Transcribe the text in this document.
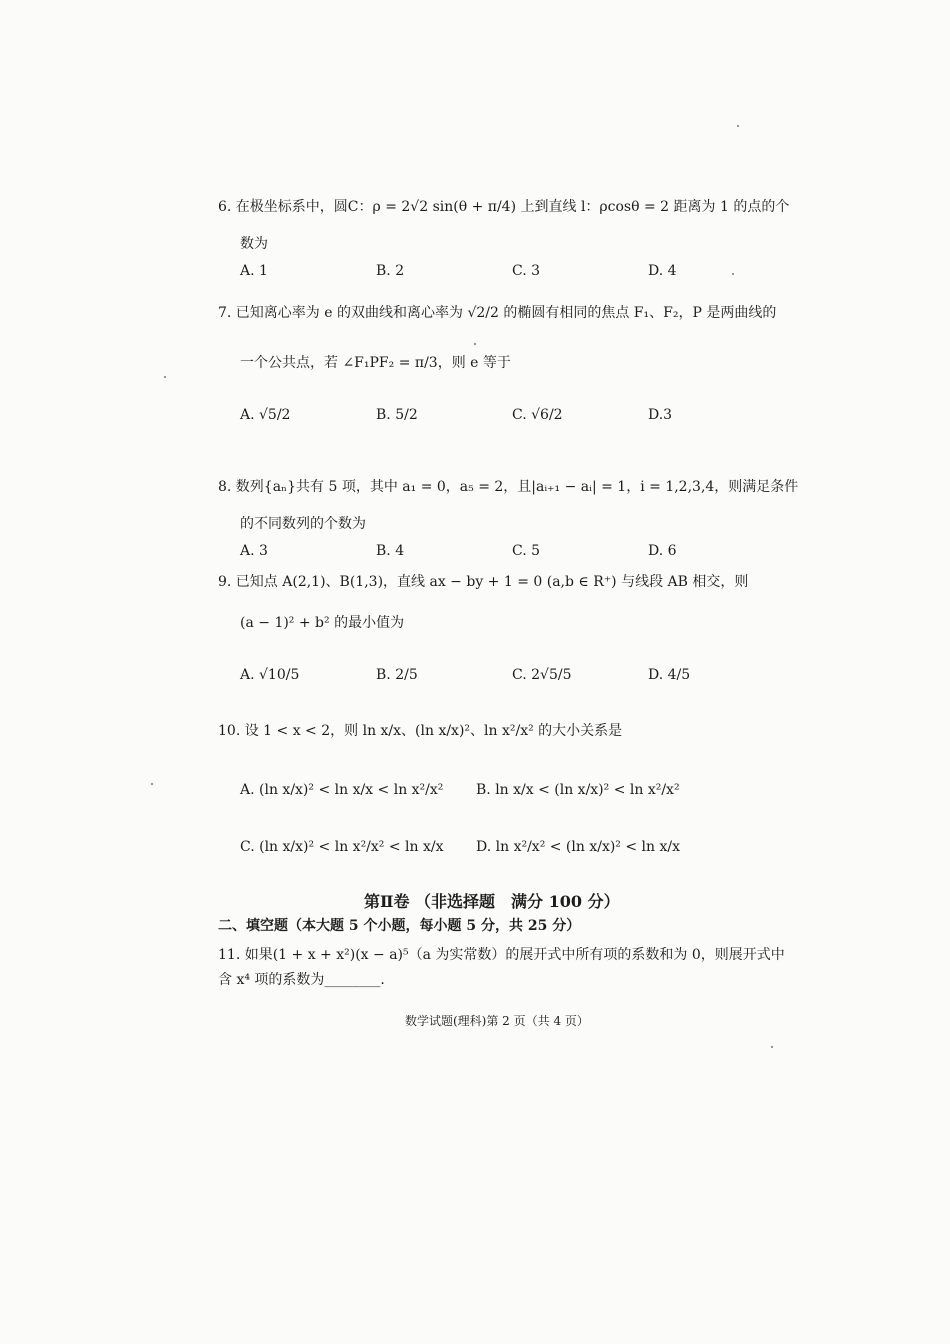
6. 在极坐标系中，圆C：ρ = 2√2 sin(θ + π/4) 上到直线 l：ρcosθ = 2 距离为 1 的点的个
数为
A. 1	B. 2	C. 3	D. 4
7. 已知离心率为 e 的双曲线和离心率为 √2/2 的椭圆有相同的焦点 F₁、F₂，P 是两曲线的
一个公共点，若 ∠F₁PF₂ = π/3，则 e 等于
A. √5/2	B. 5/2	C. √6/2	D.3
8. 数列{aₙ}共有 5 项，其中 a₁ = 0，a₅ = 2，且|aᵢ₊₁ − aᵢ| = 1，i = 1,2,3,4，则满足条件
的不同数列的个数为
A. 3	B. 4	C. 5	D. 6
9. 已知点 A(2,1)、B(1,3)，直线 ax − by + 1 = 0 (a,b ∈ R⁺) 与线段 AB 相交，则
(a − 1)² + b² 的最小值为
A. √10/5	B. 2/5	C. 2√5/5	D. 4/5
10. 设 1 < x < 2，则 ln x/x、(ln x/x)²、ln x²/x² 的大小关系是
A. (ln x/x)² < ln x/x < ln x²/x² B. ln x/x < (ln x/x)² < ln x²/x²
C. (ln x/x)² < ln x²/x² < ln x/x D. ln x²/x² < (ln x/x)² < ln x/x
第Ⅱ卷 （非选择题　满分 100 分）
二、填空题（本大题 5 个小题，每小题 5 分，共 25 分）
11. 如果(1 + x + x²)(x − a)⁵（a 为实常数）的展开式中所有项的系数和为 0，则展开式中
含 x⁴ 项的系数为________.
数学试题(理科)第 2 页（共 4 页）
